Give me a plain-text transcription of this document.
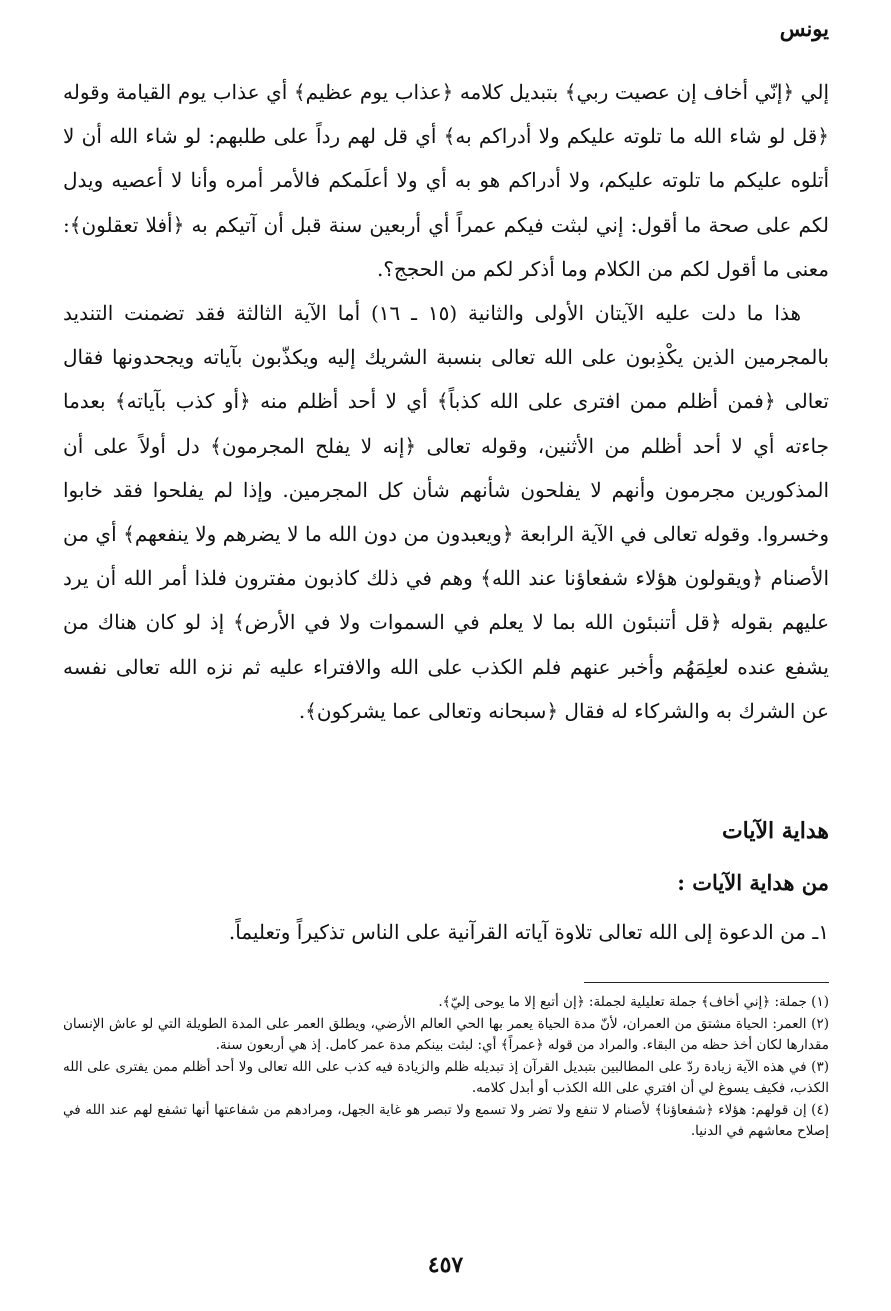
يونس

إلي ﴿إنّي أخاف إن عصيت ربي﴾ بتبديل كلامه ﴿عذاب يوم عظيم﴾ أي عذاب يوم القيامة وقوله ﴿قل لو شاء الله ما تلوته عليكم ولا أدراكم به﴾ أي قل لهم رداً على طلبهم: لو شاء الله أن لا أتلوه عليكم ما تلوته عليكم، ولا أدراكم هو به أي ولا أعلَمكم فالأمر أمره وأنا لا أعصيه ويدل لكم على صحة ما أقول: إني لبثت فيكم عمراً أي أربعين سنة قبل أن آتيكم به ﴿أفلا تعقلون﴾: معنى ما أقول لكم من الكلام وما أذكر لكم من الحجج؟.

هذا ما دلت عليه الآيتان الأولى والثانية (١٥ ـ ١٦) أما الآية الثالثة فقد تضمنت التنديد بالمجرمين الذين يكْذِبون على الله تعالى بنسبة الشريك إليه ويكذّبون بآياته ويجحدونها فقال تعالى ﴿فمن أظلم ممن افترى على الله كذباً﴾ أي لا أحد أظلم منه ﴿أو كذب بآياته﴾ بعدما جاءته أي لا أحد أظلم من الأثنين، وقوله تعالى ﴿إنه لا يفلح المجرمون﴾ دل أولاً على أن المذكورين مجرمون وأنهم لا يفلحون شأنهم شأن كل المجرمين. وإذا لم يفلحوا فقد خابوا وخسروا. وقوله تعالى في الآية الرابعة ﴿ويعبدون من دون الله ما لا يضرهم ولا ينفعهم﴾ أي من الأصنام ﴿ويقولون هؤلاء شفعاؤنا عند الله﴾ وهم في ذلك كاذبون مفترون فلذا أمر الله أن يرد عليهم بقوله ﴿قل أتنبئون الله بما لا يعلم في السموات ولا في الأرض﴾ إذ لو كان هناك من يشفع عنده لعلِمَهُم وأخبر عنهم فلم الكذب على الله والافتراء عليه ثم نزه الله تعالى نفسه عن الشرك به والشركاء له فقال ﴿سبحانه وتعالى عما يشركون﴾.

هداية الآيات
من هداية الآيات :
١ـ من الدعوة إلى الله تعالى تلاوة آياته القرآنية على الناس تذكيراً وتعليماً.

(١) جملة: ﴿إني أخاف﴾ جملة تعليلية لجملة: ﴿إن أتبع إلا ما يوحى إليّ﴾.

(٢) العمر: الحياة مشتق من العمران، لأنّ مدة الحياة يعمر بها الحي العالم الأرضي، ويطلق العمر على المدة الطويلة التي لو عاش الإنسان مقدارها لكان أخذ حظه من البقاء. والمراد من قوله ﴿عمراً﴾ أي: لبثت بينكم مدة عمر كامل. إذ هي أربعون سنة.

(٣) في هذه الآية زيادة ردّ على المطالبين بتبديل القرآن إذ تبديله ظلم والزيادة فيه كذب على الله تعالى ولا أحد أظلم ممن يفترى على الله الكذب، فكيف يسوغ لي أن افتري على الله الكذب أو أبدل كلامه.

(٤) إن قولهم: هؤلاء ﴿شفعاؤنا﴾ لأصنام لا تنفع ولا تضر ولا تسمع ولا تبصر هو غاية الجهل، ومرادهم من شفاعتها أنها تشفع لهم عند الله في إصلاح معاشهم في الدنيا.

٤٥٧
